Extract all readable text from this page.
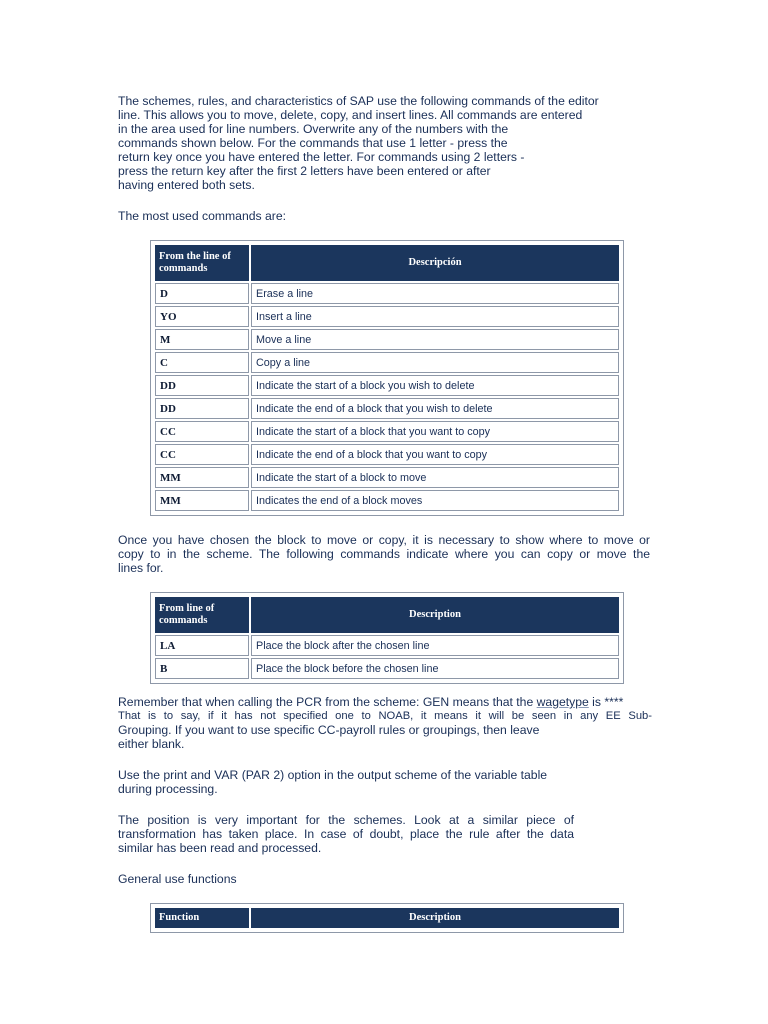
The schemes, rules, and characteristics of SAP use the following commands of the editor
line. This allows you to move, delete, copy, and insert lines. All commands are entered
in the area used for line numbers. Overwrite any of the numbers with the
commands shown below. For the commands that use 1 letter - press the
return key once you have entered the letter. For commands using 2 letters -
press the return key after the first 2 letters have been entered or after
having entered both sets.
The most used commands are:
From the line of commands	Descripción
D	Erase a line
YO	Insert a line
M	Move a line
C	Copy a line
DD	Indicate the start of a block you wish to delete
DD	Indicate the end of a block that you wish to delete
CC	Indicate the start of a block that you want to copy
CC	Indicate the end of a block that you want to copy
MM	Indicate the start of a block to move
MM	Indicates the end of a block moves
Once you have chosen the block to move or copy, it is necessary to show where to move or
copy to in the scheme. The following commands indicate where you can copy or move the
lines for.
From line of commands	Description
LA	Place the block after the chosen line
B	Place the block before the chosen line
Remember that when calling the PCR from the scheme: GEN means that the wagetype is ****
That is to say, if it has not specified one to NOAB, it means it will be seen in any EE Sub-
Grouping. If you want to use specific CC-payroll rules or groupings, then leave
either blank.
Use the print and VAR (PAR 2) option in the output scheme of the variable table
during processing.
The position is very important for the schemes. Look at a similar piece of
transformation has taken place. In case of doubt, place the rule after the data
similar has been read and processed.
General use functions
Function	Description
